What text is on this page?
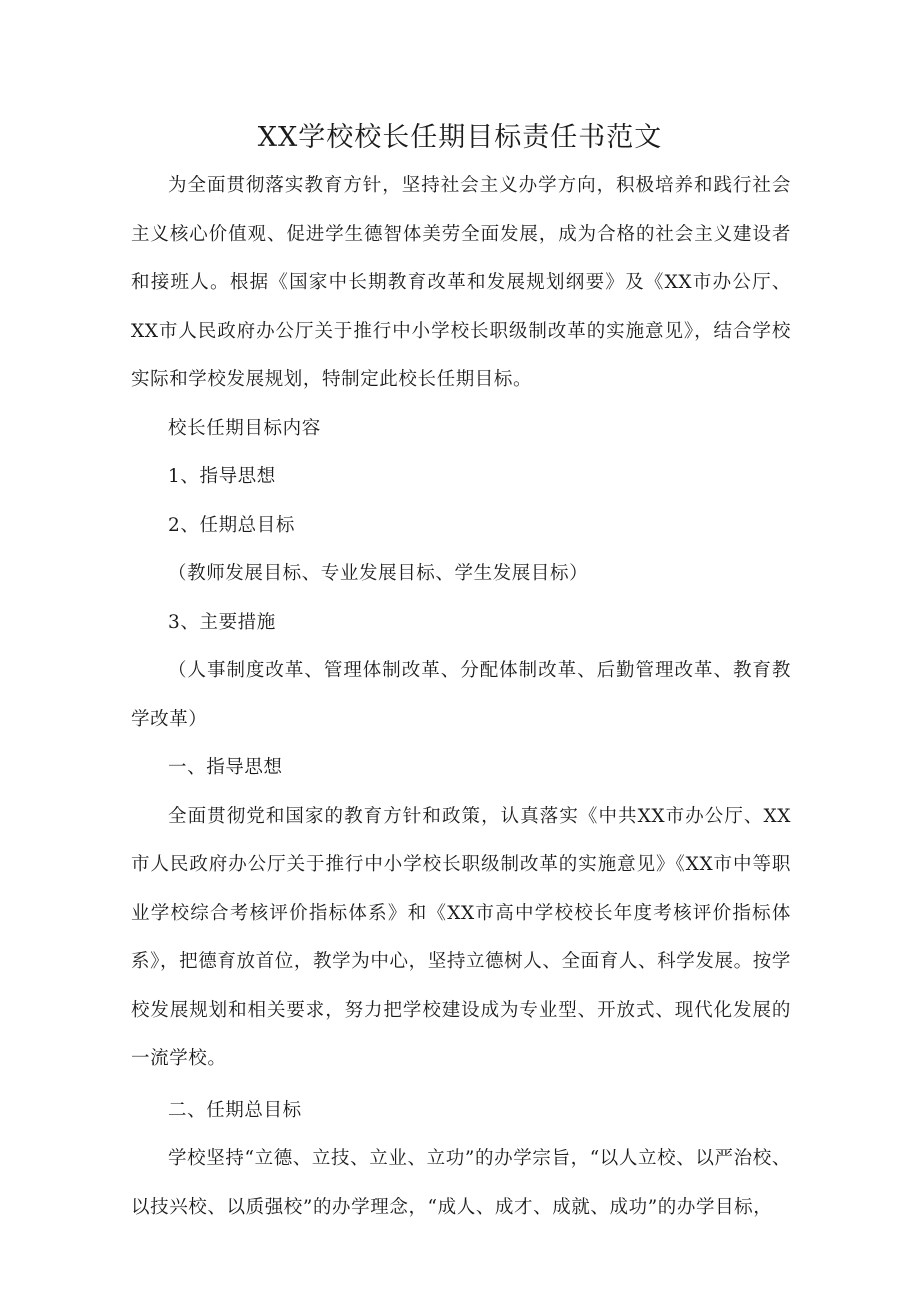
XX学校校长任期目标责任书范文

为全面贯彻落实教育方针，坚持社会主义办学方向，积极培养和践行社会主义核心价值观、促进学生德智体美劳全面发展，成为合格的社会主义建设者和接班人。根据《国家中长期教育改革和发展规划纲要》及《XX市办公厅、XX市人民政府办公厅关于推行中小学校长职级制改革的实施意见》，结合学校实际和学校发展规划，特制定此校长任期目标。

校长任期目标内容

1、指导思想

2、任期总目标

（教师发展目标、专业发展目标、学生发展目标）

3、主要措施

（人事制度改革、管理体制改革、分配体制改革、后勤管理改革、教育教学改革）

一、指导思想

全面贯彻党和国家的教育方针和政策，认真落实《中共XX市办公厅、XX市人民政府办公厅关于推行中小学校长职级制改革的实施意见》《XX市中等职业学校综合考核评价指标体系》和《XX市高中学校校长年度考核评价指标体系》，把德育放首位，教学为中心，坚持立德树人、全面育人、科学发展。按学校发展规划和相关要求，努力把学校建设成为专业型、开放式、现代化发展的一流学校。

二、任期总目标

学校坚持“立德、立技、立业、立功”的办学宗旨，“以人立校、以严治校、以技兴校、以质强校”的办学理念，“成人、成才、成就、成功”的办学目标，
